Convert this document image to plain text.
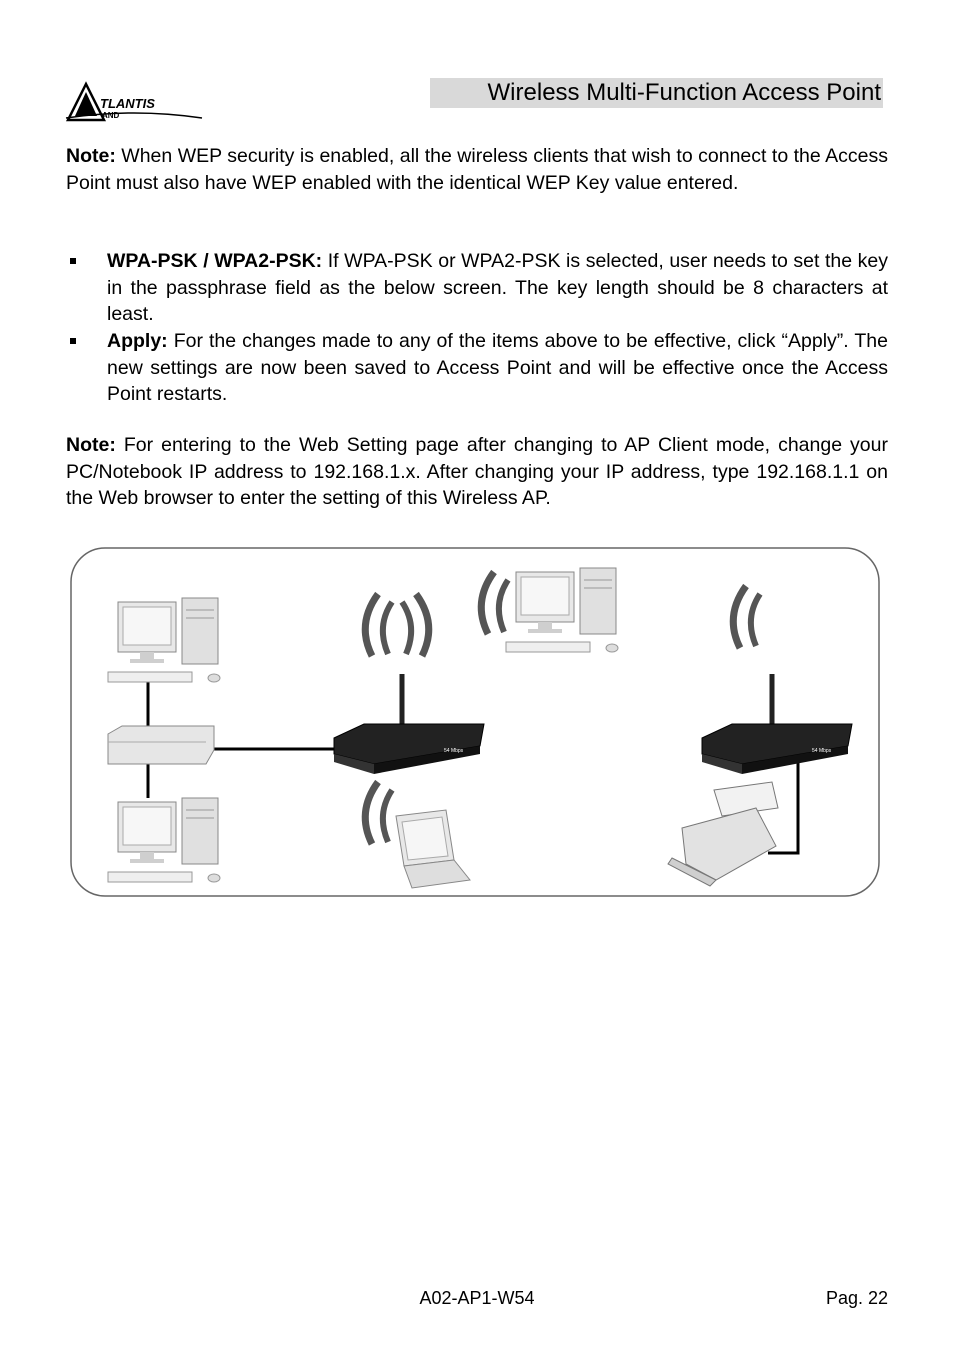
TLANTIS
AND
Wireless Multi-Function Access Point

Note: When WEP security is enabled, all the wireless clients that wish to connect to the Access Point must also have WEP enabled with the identical WEP Key value entered.

WPA-PSK / WPA2-PSK: If WPA-PSK or WPA2-PSK is selected, user needs to set the key in the passphrase field as the below screen. The key length should be 8 characters at least.

Apply: For the changes made to any of the items above to be effective, click “Apply”. The new settings are now been saved to Access Point and will be effective once the Access Point restarts.

Note: For entering to the Web Setting page after changing to AP Client mode, change your PC/Notebook IP address to 192.168.1.x. After changing your IP address, type 192.168.1.1 on the Web browser to enter the setting of this Wireless AP.

A02-AP1-W54	Pag. 22
